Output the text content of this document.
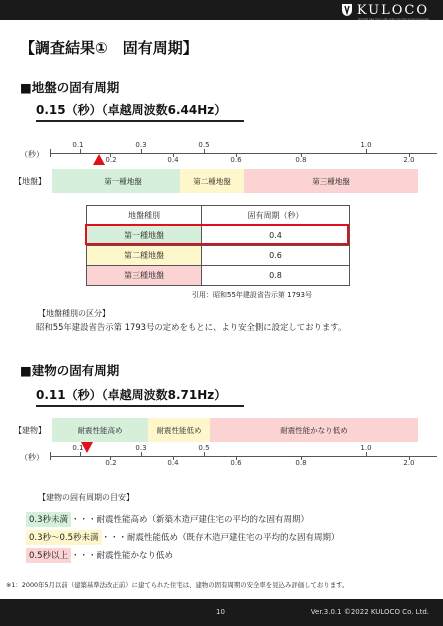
KULOCO
Knight has Your Life onto On the Good Grounds
【調査結果①　固有周期】
■地盤の固有周期
0.15（秒）（卓越周波数6.44Hz）
（秒）
0.1	0.3	0.5	1.0
0.2	0.4	0.6	0.8	2.0
【地盤】	第一種地盤	第二種地盤	第三種地盤
地盤種別	固有周期（秒）
第一種地盤	0.4
第二種地盤	0.6
第三種地盤	0.8
引用：昭和55年建設省告示第 1793号
【地盤種別の区分】
昭和55年建設省告示第 1793号の定めをもとに、より安全側に設定しております。
■建物の固有周期
0.11（秒）（卓越周波数8.71Hz）
【建物】	耐震性能高め	耐震性能低め	耐震性能かなり低め
（秒）
0.1	0.3	0.5	1.0
0.2	0.4	0.6	0.8	2.0
【建物の固有周期の目安】
0.3秒未満 ・・・耐震性能高め（新築木造戸建住宅の平均的な固有周期）
0.3秒～0.5秒未満 ・・・耐震性能低め（既存木造戸建住宅の平均的な固有周期）
0.5秒以上 ・・・耐震性能かなり低め
※1：2000年5月以前（建築基準法改正前）に建てられた住宅は、建物の固有周期の安全率を見込み評価しております。
10	Ver.3.0.1 ©2022 KULOCO Co. Ltd.
